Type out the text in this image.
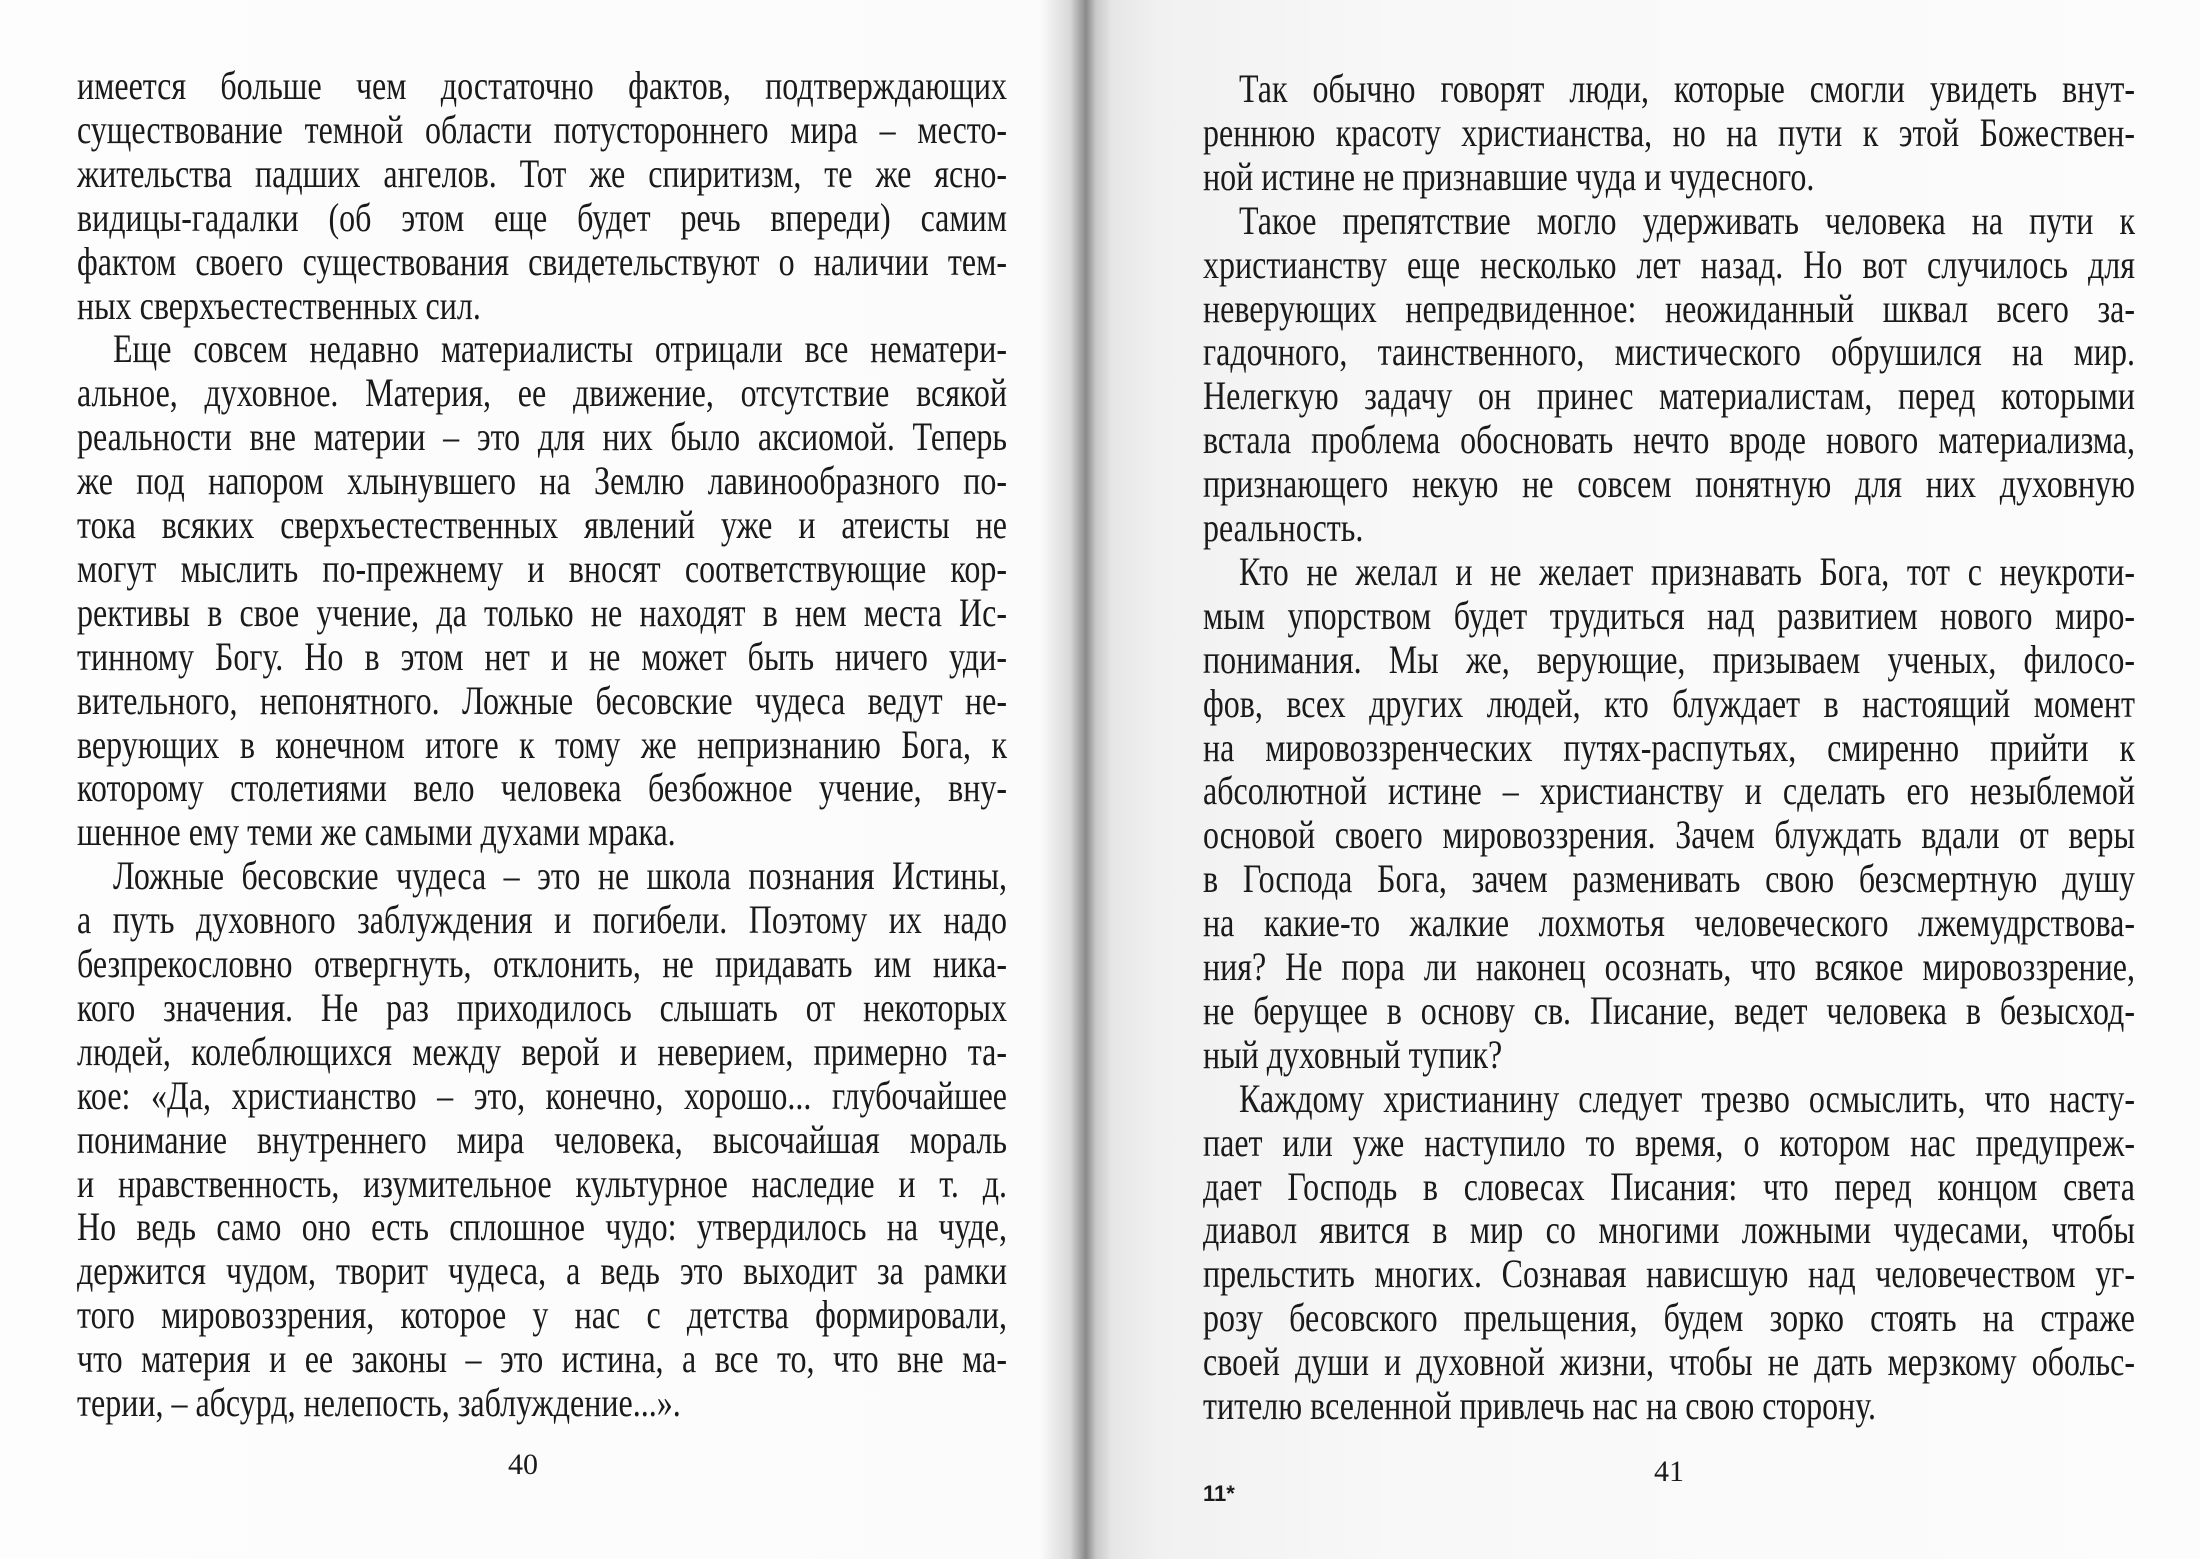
40
имеется больше чем достаточно фактов, подтверждающих
существование темной области потустороннего мира – место-
жительства падших ангелов. Тот же спиритизм, те же ясно-
видицы-гадалки (об этом еще будет речь впереди) самим
фактом своего существования свидетельствуют о наличии тем-
ных сверхъестественных сил.
Еще совсем недавно материалисты отрицали все нематери-
альное, духовное. Материя, ее движение, отсутствие всякой
реальности вне материи – это для них было аксиомой. Теперь
же под напором хлынувшего на Землю лавинообразного по-
тока всяких сверхъестественных явлений уже и атеисты не
могут мыслить по-прежнему и вносят соответствующие кор-
рективы в свое учение, да только не находят в нем места Ис-
тинному Богу. Но в этом нет и не может быть ничего уди-
вительного, непонятного. Ложные бесовские чудеса ведут не-
верующих в конечном итоге к тому же непризнанию Бога, к
которому столетиями вело человека безбожное учение, вну-
шенное ему теми же самыми духами мрака.
Ложные бесовские чудеса – это не школа познания Истины,
а путь духовного заблуждения и погибели. Поэтому их надо
безпрекословно отвергнуть, отклонить, не придавать им ника-
кого значения. Не раз приходилось слышать от некоторых
людей, колеблющихся между верой и неверием, примерно та-
кое: «Да, христианство – это, конечно, хорошо... глубочайшее
понимание внутреннего мира человека, высочайшая мораль
и нравственность, изумительное культурное наследие и т. д.
Но ведь само оно есть сплошное чудо: утвердилось на чуде,
держится чудом, творит чудеса, а ведь это выходит за рамки
того мировоззрения, которое у нас с детства формировали,
что материя и ее законы – это истина, а все то, что вне ма-
терии, – абсурд, нелепость, заблуждение...».
41
11*
Так обычно говорят люди, которые смогли увидеть внут-
реннюю красоту христианства, но на пути к этой Божествен-
ной истине не признавшие чуда и чудесного.
Такое препятствие могло удерживать человека на пути к
христианству еще несколько лет назад. Но вот случилось для
неверующих непредвиденное: неожиданный шквал всего за-
гадочного, таинственного, мистического обрушился на мир.
Нелегкую задачу он принес материалистам, перед которыми
встала проблема обосновать нечто вроде нового материализма,
признающего некую не совсем понятную для них духовную
реальность.
Кто не желал и не желает признавать Бога, тот с неукроти-
мым упорством будет трудиться над развитием нового миро-
понимания. Мы же, верующие, призываем ученых, филосо-
фов, всех других людей, кто блуждает в настоящий момент
на мировоззренческих путях-распутьях, смиренно прийти к
абсолютной истине – христианству и сделать его незыблемой
основой своего мировоззрения. Зачем блуждать вдали от веры
в Господа Бога, зачем разменивать свою безсмертную душу
на какие-то жалкие лохмотья человеческого лжемудрствова-
ния? Не пора ли наконец осознать, что всякое мировоззрение,
не берущее в основу св. Писание, ведет человека в безысход-
ный духовный тупик?
Каждому христианину следует трезво осмыслить, что насту-
пает или уже наступило то время, о котором нас предупреж-
дает Господь в словесах Писания: что перед концом света
диавол явится в мир со многими ложными чудесами, чтобы
прельстить многих. Сознавая нависшую над человечеством уг-
розу бесовского прельщения, будем зорко стоять на страже
своей души и духовной жизни, чтобы не дать мерзкому обольс-
тителю вселенной привлечь нас на свою сторону.
